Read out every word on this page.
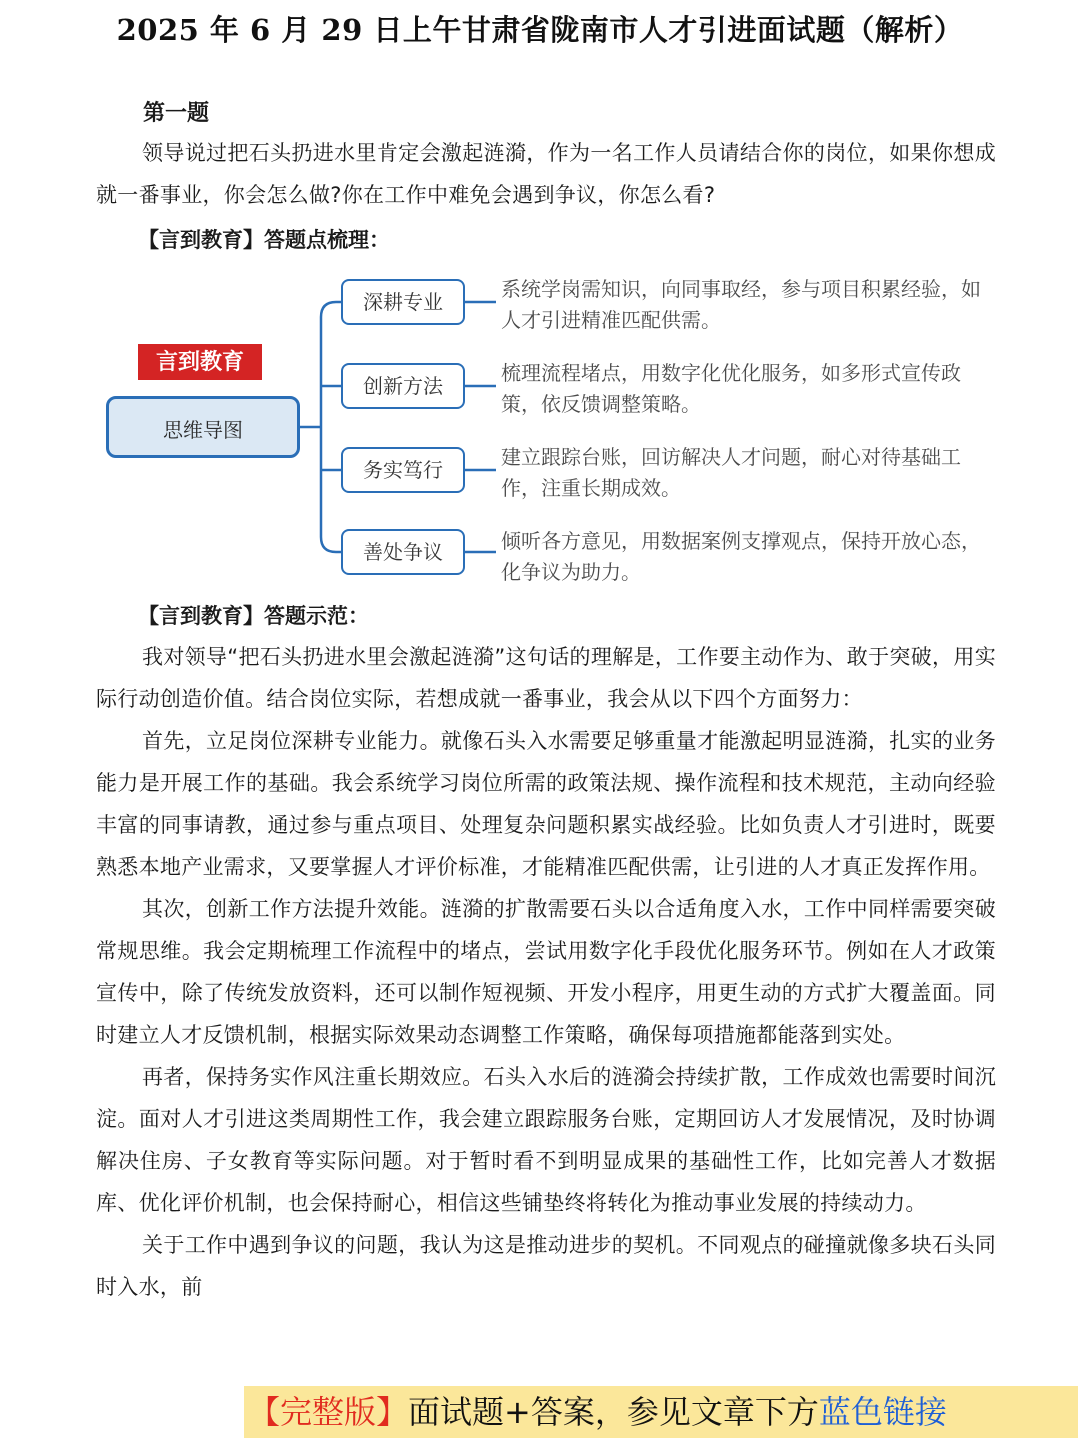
2025 年 6 月 29 日上午甘肃省陇南市人才引进面试题（解析）
第一题

领导说过把石头扔进水里肯定会激起涟漪，作为一名工作人员请结合你的岗位，如果你想成就一番事业，你会怎么做?你在工作中难免会遇到争议，你怎么看?

【言到教育】答题点梳理：
言到教育
思维导图
深耕专业
系统学岗需知识，向同事取经，参与项目积累经验，如人才引进精准匹配供需。
创新方法
梳理流程堵点，用数字化优化服务，如多形式宣传政策，依反馈调整策略。
务实笃行
建立跟踪台账，回访解决人才问题，耐心对待基础工作，注重长期成效。
善处争议	倾听各方意见，用数据案例支撑观点，保持开放心态，化争议为助力。
【言到教育】答题示范：

我对领导“把石头扔进水里会激起涟漪”这句话的理解是，工作要主动作为、敢于突破，用实际行动创造价值。结合岗位实际，若想成就一番事业，我会从以下四个方面努力：

首先，立足岗位深耕专业能力。就像石头入水需要足够重量才能激起明显涟漪，扎实的业务能力是开展工作的基础。我会系统学习岗位所需的政策法规、操作流程和技术规范，主动向经验丰富的同事请教，通过参与重点项目、处理复杂问题积累实战经验。比如负责人才引进时，既要熟悉本地产业需求，又要掌握人才评价标准，才能精准匹配供需，让引进的人才真正发挥作用。

其次，创新工作方法提升效能。涟漪的扩散需要石头以合适角度入水，工作中同样需要突破常规思维。我会定期梳理工作流程中的堵点，尝试用数字化手段优化服务环节。例如在人才政策宣传中，除了传统发放资料，还可以制作短视频、开发小程序，用更生动的方式扩大覆盖面。同时建立人才反馈机制，根据实际效果动态调整工作策略，确保每项措施都能落到实处。

再者，保持务实作风注重长期效应。石头入水后的涟漪会持续扩散，工作成效也需要时间沉淀。面对人才引进这类周期性工作，我会建立跟踪服务台账，定期回访人才发展情况，及时协调解决住房、子女教育等实际问题。对于暂时看不到明显成果的基础性工作，比如完善人才数据库、优化评价机制，也会保持耐心，相信这些铺垫终将转化为推动事业发展的持续动力。

关于工作中遇到争议的问题，我认为这是推动进步的契机。不同观点的碰撞就像多块石头同时入水，前

【完整版】面试题+答案，参见文章下方蓝色链接
